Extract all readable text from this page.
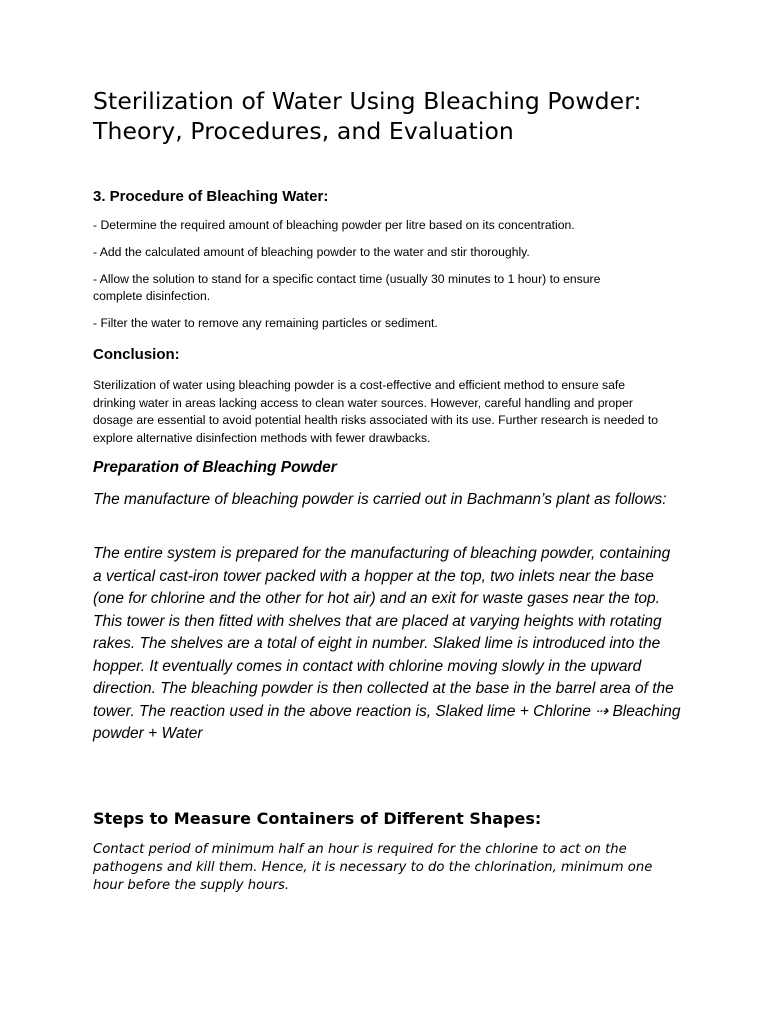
Sterilization of Water Using Bleaching Powder: Theory, Procedures, and Evaluation
3. Procedure of Bleaching Water:

- Determine the required amount of bleaching powder per litre based on its concentration.

- Add the calculated amount of bleaching powder to the water and stir thoroughly.

- Allow the solution to stand for a specific contact time (usually 30 minutes to 1 hour) to ensure complete disinfection.

- Filter the water to remove any remaining particles or sediment.

Conclusion:

Sterilization of water using bleaching powder is a cost-effective and efficient method to ensure safe drinking water in areas lacking access to clean water sources. However, careful handling and proper dosage are essential to avoid potential health risks associated with its use. Further research is needed to explore alternative disinfection methods with fewer drawbacks.

Preparation of Bleaching Powder

The manufacture of bleaching powder is carried out in Bachmann’s plant as follows:

The entire system is prepared for the manufacturing of bleaching powder, containing a vertical cast-iron tower packed with a hopper at the top, two inlets near the base (one for chlorine and the other for hot air) and an exit for waste gases near the top. This tower is then fitted with shelves that are placed at varying heights with rotating rakes. The shelves are a total of eight in number. Slaked lime is introduced into the hopper. It eventually comes in contact with chlorine moving slowly in the upward direction. The bleaching powder is then collected at the base in the barrel area of the tower. The reaction used in the above reaction is, Slaked lime + Chlorine ⇢ Bleaching powder + Water

Steps to Measure Containers of Different Shapes:

Contact period of minimum half an hour is required for the chlorine to act on the pathogens and kill them. Hence, it is necessary to do the chlorination, minimum one hour before the supply hours.
